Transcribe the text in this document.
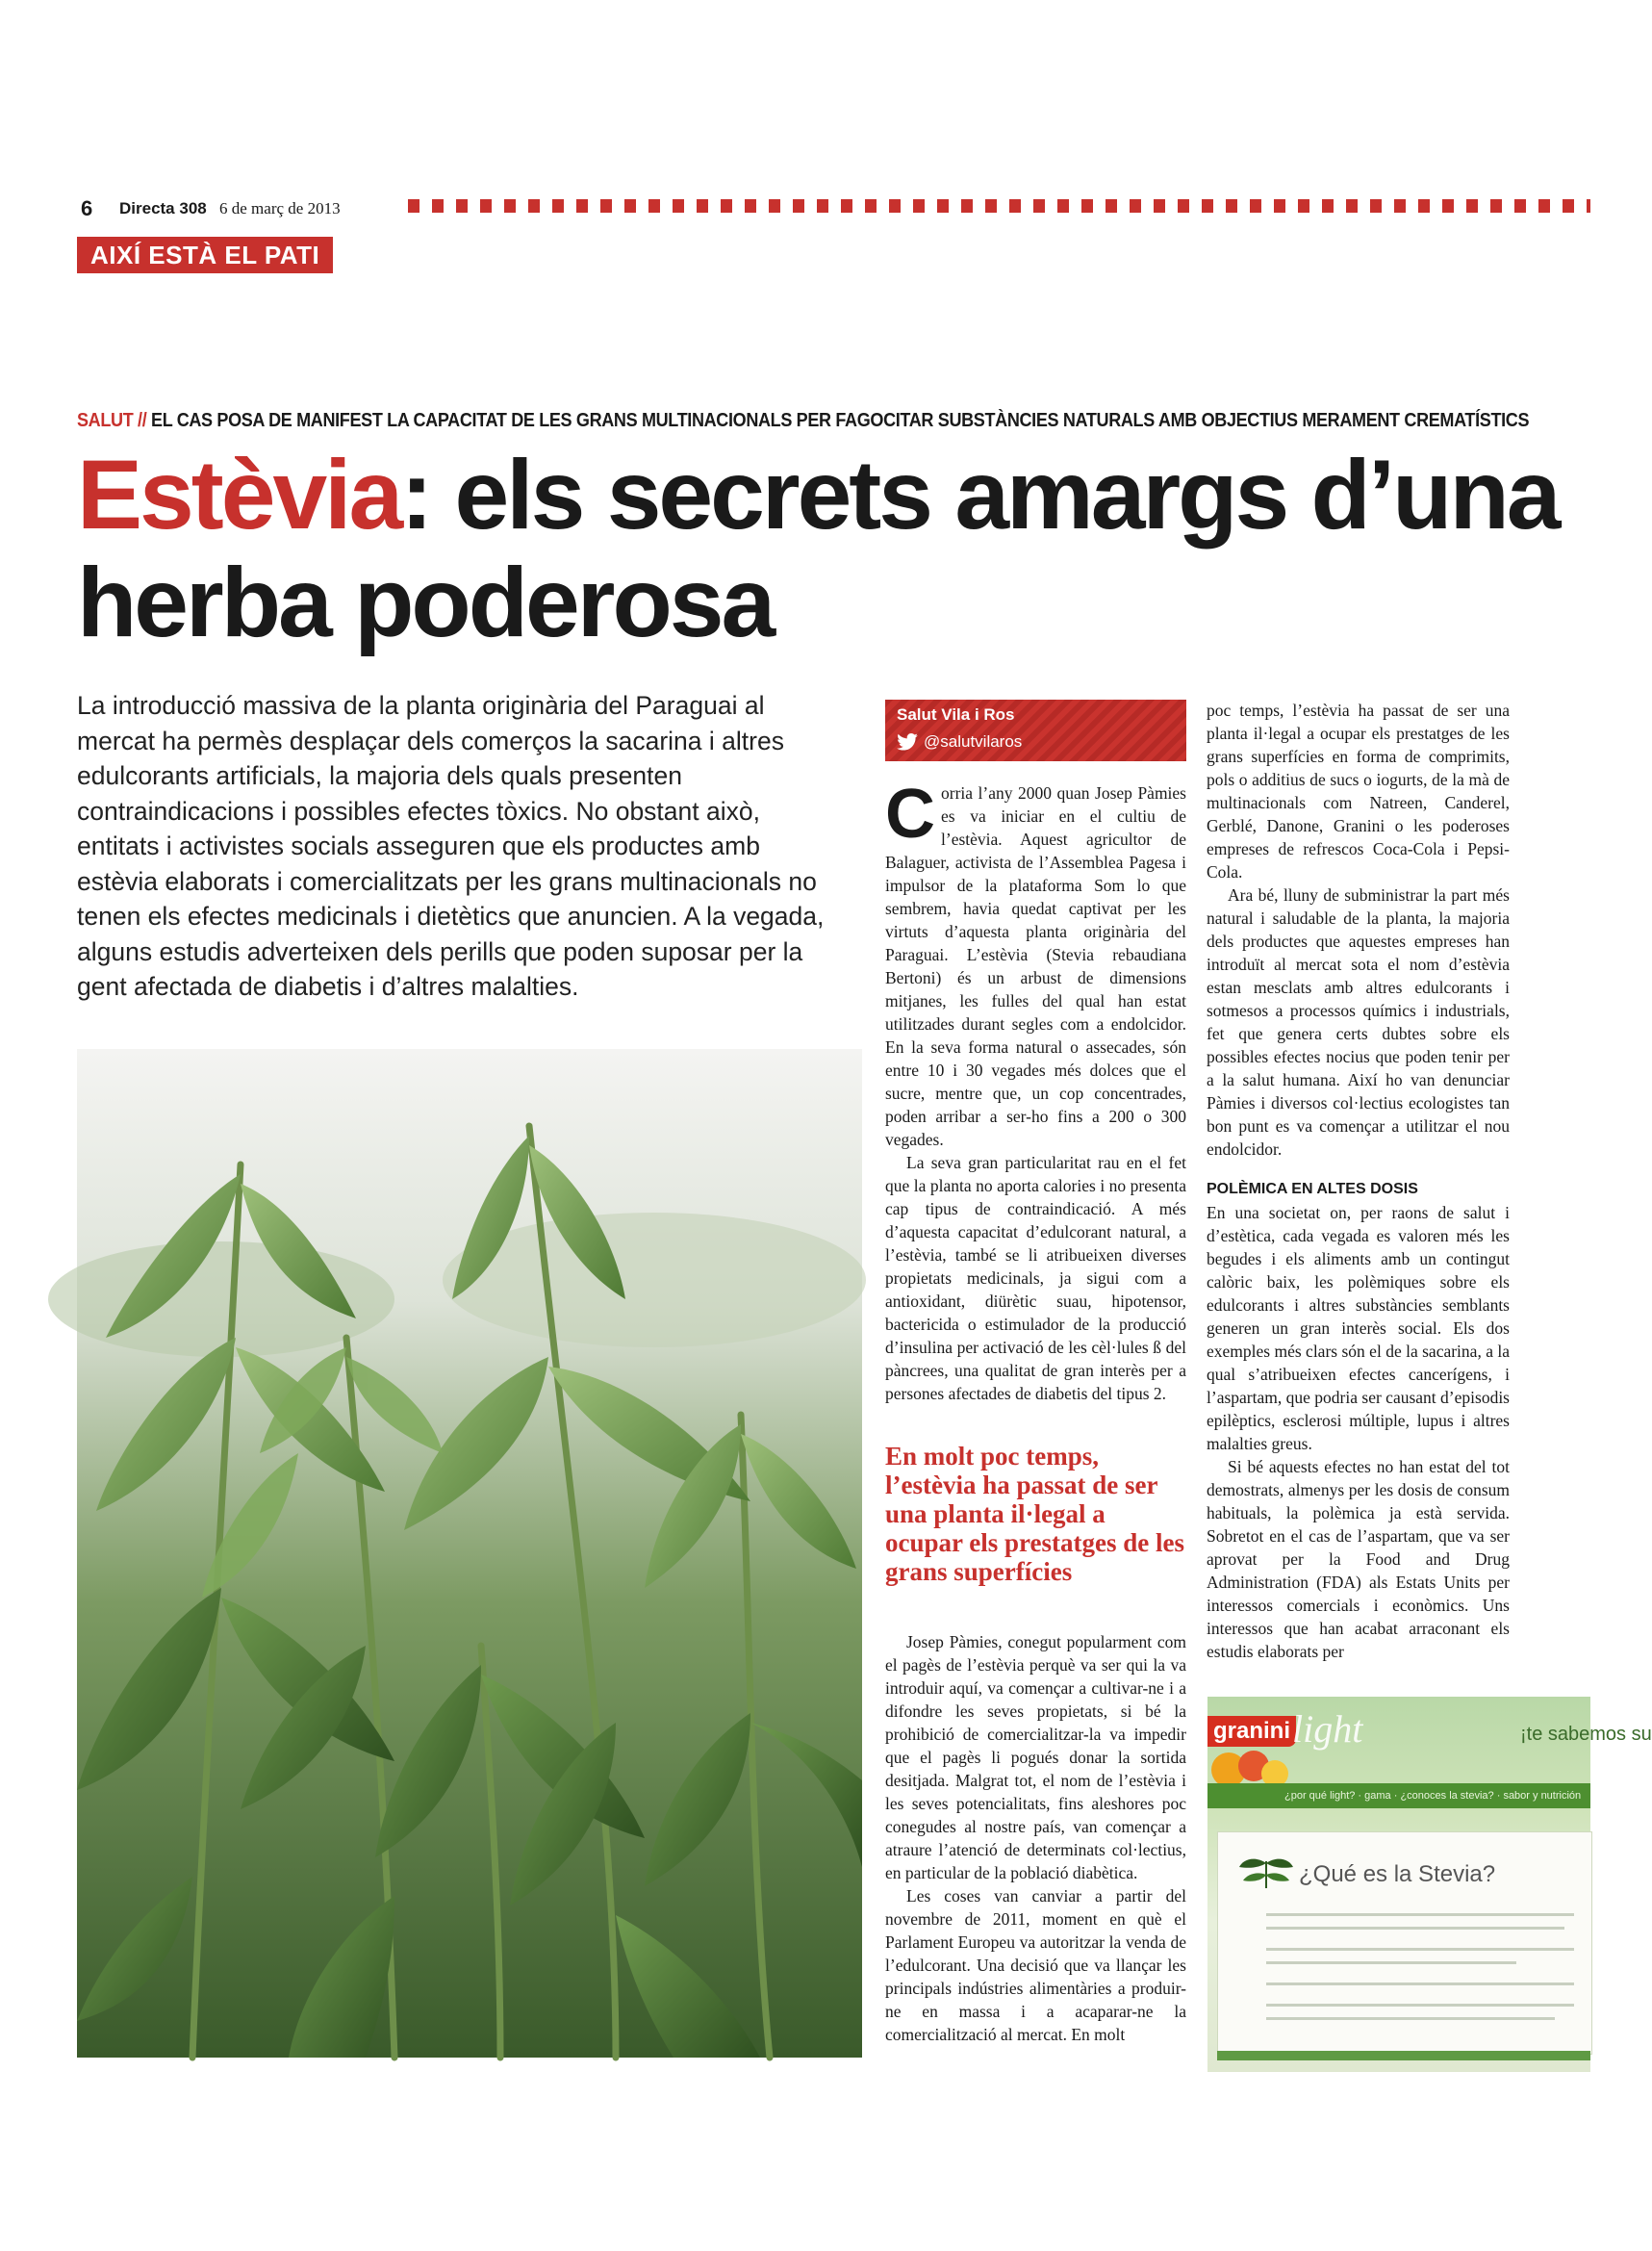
6 Directa 308 6 de març de 2013
AIXÍ ESTÀ EL PATI
SALUT // EL CAS POSA DE MANIFEST LA CAPACITAT DE LES GRANS MULTINACIONALS PER FAGOCITAR SUBSTÀNCIES NATURALS AMB OBJECTIUS MERAMENT CREMATÍSTICS
Estèvia: els secrets amargs d’una herba poderosa
La introducció massiva de la planta originària del Paraguai al mercat ha permès desplaçar dels comerços la sacarina i altres edulcorants artificials, la majoria dels quals presenten contraindicacions i possibles efectes tòxics. No obstant això, entitats i activistes socials asseguren que els productes amb estèvia elaborats i comercialitzats per les grans multinacionals no tenen els efectes medicinals i dietètics que anuncien. A la vegada, alguns estudis adverteixen dels perills que poden suposar per la gent afectada de diabetis i d’altres malalties.
Salut Vila i Ros
@salutvilaros

Corria l’any 2000 quan Josep Pàmies es va iniciar en el cultiu de l’estèvia. Aquest agricultor de Balaguer, activista de l’Assemblea Pagesa i impulsor de la plataforma Som lo que sembrem, havia quedat captivat per les virtuts d’aquesta planta originària del Paraguai. L’estèvia (Stevia rebaudiana Bertoni) és un arbust de dimensions mitjanes, les fulles del qual han estat utilitzades durant segles com a endolcidor. En la seva forma natural o assecades, són entre 10 i 30 vegades més dolces que el sucre, mentre que, un cop concentrades, poden arribar a ser-ho fins a 200 o 300 vegades.

La seva gran particularitat rau en el fet que la planta no aporta calories i no presenta cap tipus de contraindicació. A més d’aquesta capacitat d’edulcorant natural, a l’estèvia, també se li atribueixen diverses propietats medicinals, ja sigui com a antioxidant, diürètic suau, hipotensor, bactericida o estimulador de la producció d’insulina per activació de les cèl·lules ß del pàncrees, una qualitat de gran interès per a persones afectades de diabetis del tipus 2.

En molt poc temps, l’estèvia ha passat de ser una planta il·legal a ocupar els prestatges de les grans superfícies

Josep Pàmies, conegut popularment com el pagès de l’estèvia perquè va ser qui la va introduir aquí, va començar a cultivar-ne i a difondre les seves propietats, si bé la prohibició de comercialitzar-la va impedir que el pagès li pogués donar la sortida desitjada. Malgrat tot, el nom de l’estèvia i les seves potencialitats, fins aleshores poc conegudes al nostre país, van començar a atraure l’atenció de determinats col·lectius, en particular de la població diabètica.

Les coses van canviar a partir del novembre de 2011, moment en què el Parlament Europeu va autoritzar la venda de l’edulcorant. Una decisió que va llançar les principals indústries alimentàries a produir-ne en massa i a acaparar-ne la comercialització al mercat. En molt

poc temps, l’estèvia ha passat de ser una planta il·legal a ocupar els prestatges de les grans superfícies en forma de comprimits, pols o additius de sucs o iogurts, de la mà de multinacionals com Natreen, Canderel, Gerblé, Danone, Granini o les poderoses empreses de refrescos Coca-Cola i Pepsi-Cola.

Ara bé, lluny de subministrar la part més natural i saludable de la planta, la majoria dels productes que aquestes empreses han introduït al mercat sota el nom d’estèvia estan mesclats amb altres edulcorants i sotmesos a processos químics i industrials, fet que genera certs dubtes sobre els possibles efectes nocius que poden tenir per a la salut humana. Així ho van denunciar Pàmies i diversos col·lectius ecologistes tan bon punt es va començar a utilitzar el nou endolcidor.

POLÈMICA EN ALTES DOSIS

En una societat on, per raons de salut i d’estètica, cada vegada es valoren més les begudes i els aliments amb un contingut calòric baix, les polèmiques sobre els edulcorants i altres substàncies semblants generen un gran interès social. Els dos exemples més clars són el de la sacarina, a la qual s’atribueixen efectes cancerígens, i l’aspartam, que podria ser causant d’episodis epilèptics, esclerosi múltiple, lupus i altres malalties greus.

Si bé aquests efectes no han estat del tot demostrats, almenys per les dosis de consum habituals, la polèmica ja està servida. Sobretot en el cas de l’aspartam, que va ser aprovat per la Food and Drug Administration (FDA) als Estats Units per interessos comercials i econòmics. Uns interessos que han acabat arraconant els estudis elaborats per

granini light	¡te sabemos su
¿por qué light? · gama · ¿conoces la stevia? · sabor y nutrición
¿Qué es la Stevia?
